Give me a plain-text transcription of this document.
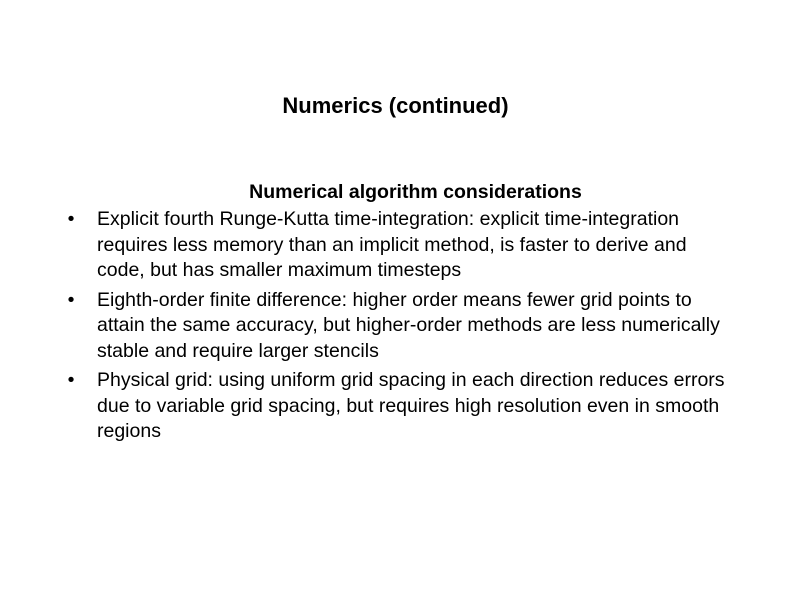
Numerics (continued)
Numerical algorithm considerations
• Explicit fourth Runge-Kutta time-integration: explicit time-integration requires less memory than an implicit method, is faster to derive and code, but has smaller maximum timesteps
• Eighth-order finite difference: higher order means fewer grid points to attain the same accuracy, but higher-order methods are less numerically stable and require larger stencils
• Physical grid: using uniform grid spacing in each direction reduces errors due to variable grid spacing, but requires high resolution even in smooth regions
